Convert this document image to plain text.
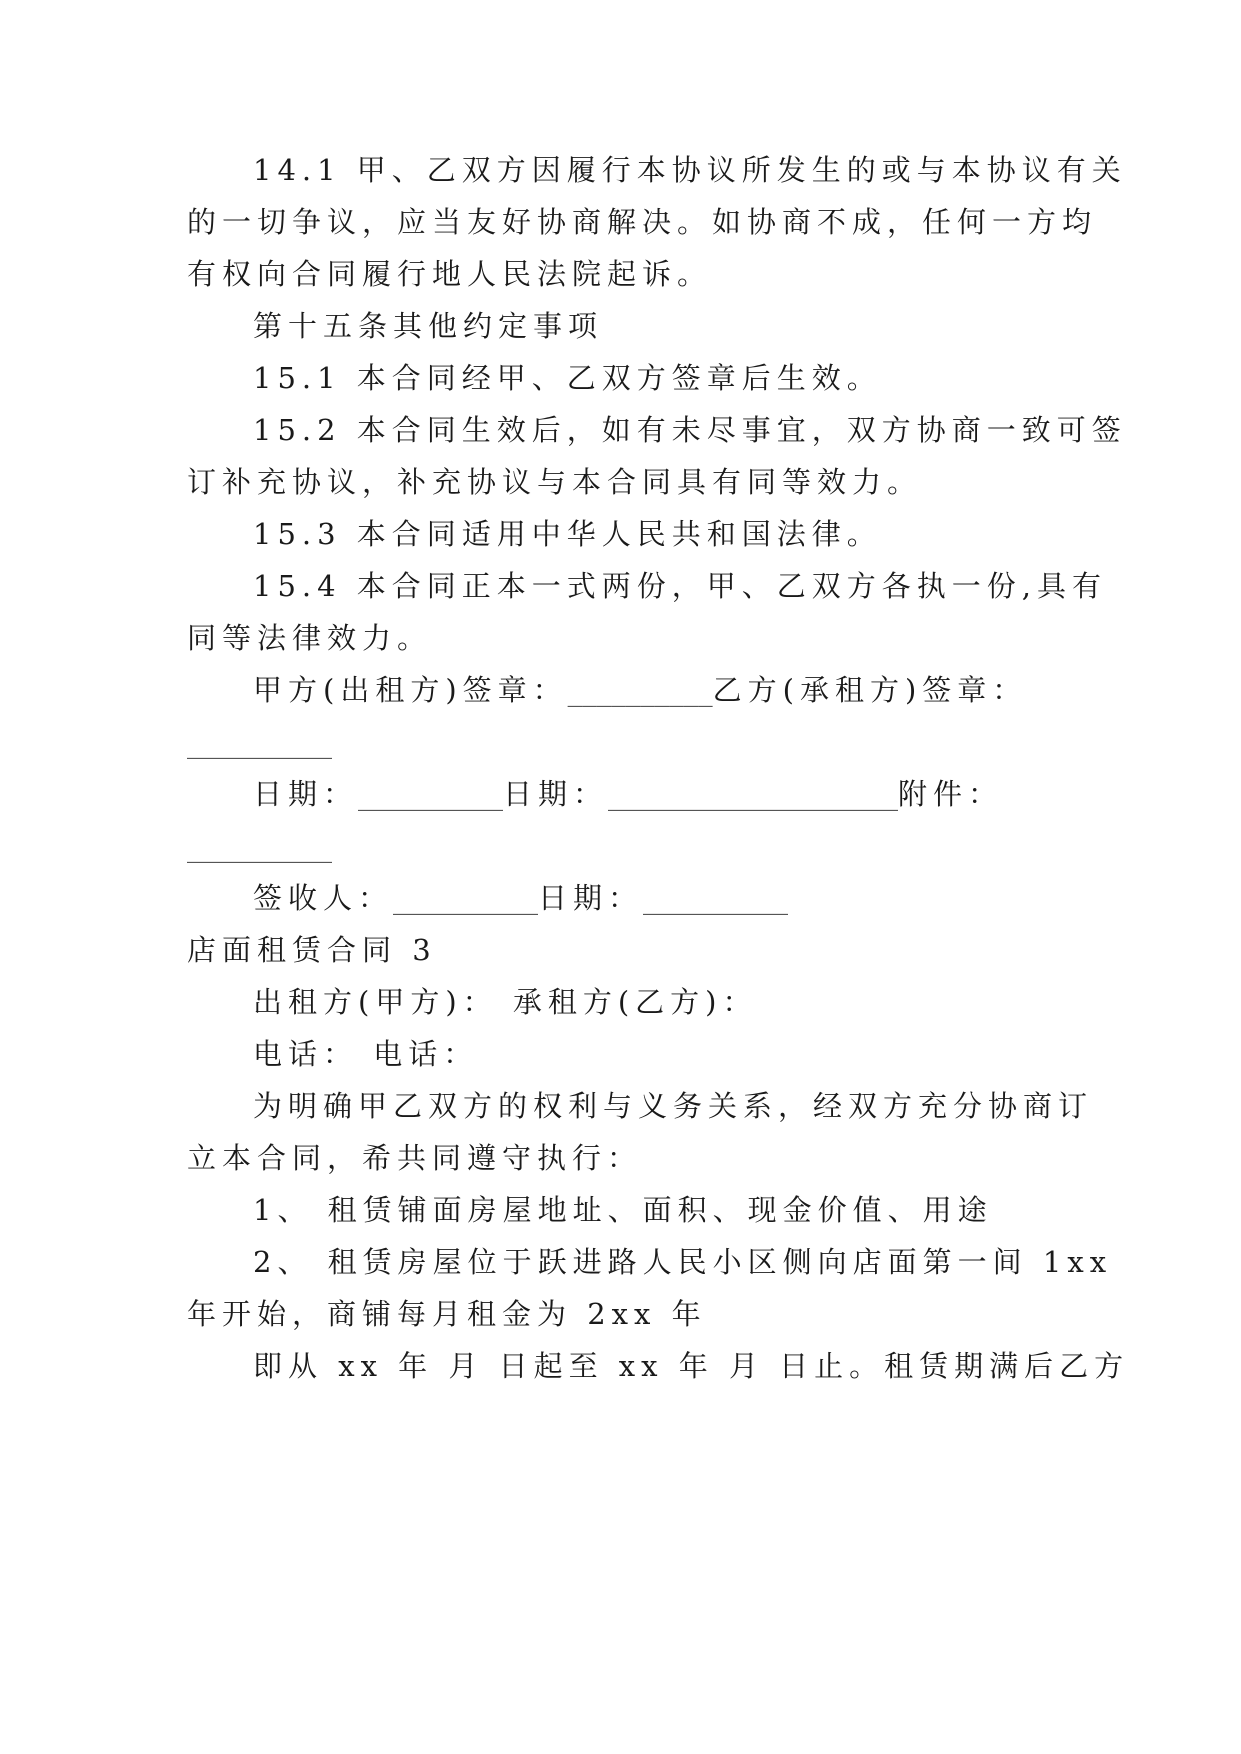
14.1 甲、乙双方因履行本协议所发生的或与本协议有关
的一切争议，应当友好协商解决。如协商不成，任何一方均
有权向合同履行地人民法院起诉。
第十五条其他约定事项
15.1 本合同经甲、乙双方签章后生效。
15.2 本合同生效后，如有未尽事宜，双方协商一致可签
订补充协议，补充协议与本合同具有同等效力。
15.3 本合同适用中华人民共和国法律。
15.4 本合同正本一式两份，甲、乙双方各执一份,具有
同等法律效力。
甲方(出租方)签章：__________乙方(承租方)签章：
__________
日期：__________日期：____________________附件：
__________
签收人：__________日期：__________
店面租赁合同 3
出租方(甲方)： 承租方(乙方)：
电话： 电话：
为明确甲乙双方的权利与义务关系，经双方充分协商订
立本合同，希共同遵守执行：
1、 租赁铺面房屋地址、面积、现金价值、用途
2、 租赁房屋位于跃进路人民小区侧向店面第一间 1xx
年开始，商铺每月租金为 2xx 年
即从 xx 年 月 日起至 xx 年 月 日止。租赁期满后乙方
